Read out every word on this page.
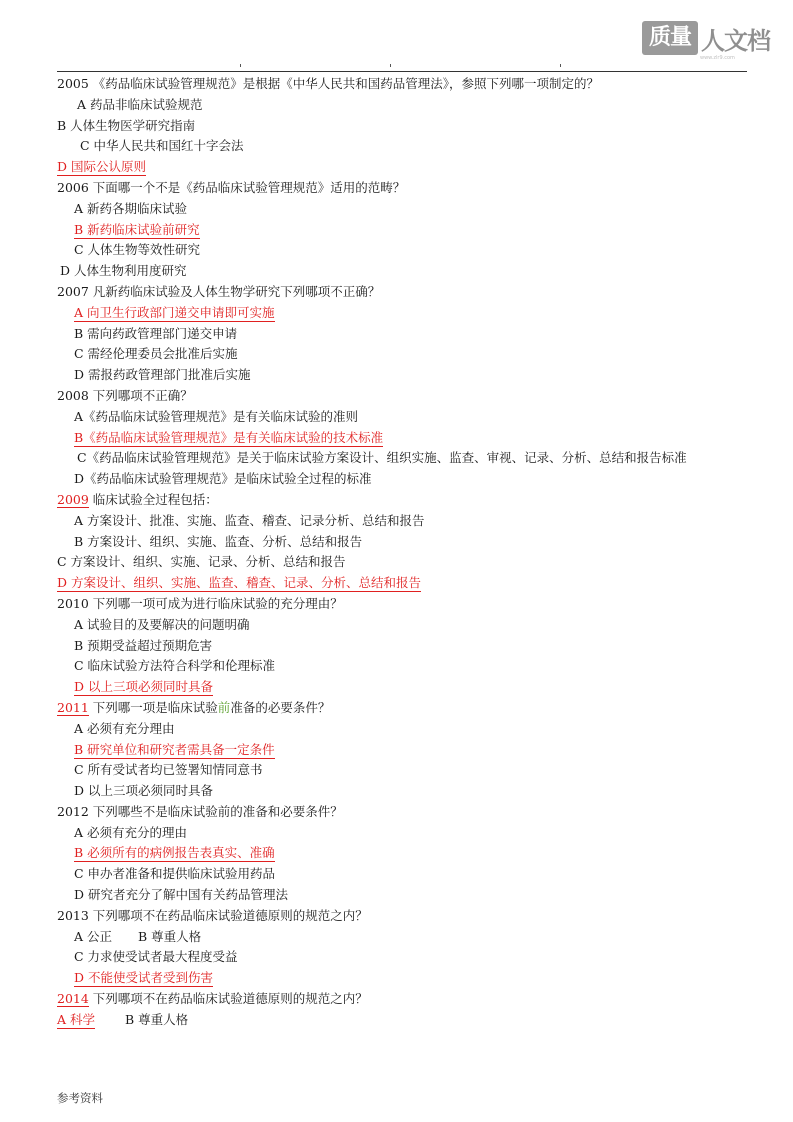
质量 人文档
www.zlr9.com
2005 《药品临床试验管理规范》是根据《中华人民共和国药品管理法》，参照下列哪一项制定的？
A 药品非临床试验规范
B 人体生物医学研究指南
C 中华人民共和国红十字会法
D 国际公认原则
2006 下面哪一个不是《药品临床试验管理规范》适用的范畴？
A 新药各期临床试验
B 新药临床试验前研究
C 人体生物等效性研究
D 人体生物利用度研究
2007 凡新药临床试验及人体生物学研究下列哪项不正确？
A 向卫生行政部门递交申请即可实施
B 需向药政管理部门递交申请
C 需经伦理委员会批准后实施
D 需报药政管理部门批准后实施
2008 下列哪项不正确？
A《药品临床试验管理规范》是有关临床试验的准则
B《药品临床试验管理规范》是有关临床试验的技术标准
C《药品临床试验管理规范》是关于临床试验方案设计、组织实施、监查、审视、记录、分析、总结和报告标准
D《药品临床试验管理规范》是临床试验全过程的标准
2009 临床试验全过程包括：
A 方案设计、批准、实施、监查、稽查、记录分析、总结和报告
B 方案设计、组织、实施、监查、分析、总结和报告
C 方案设计、组织、实施、记录、分析、总结和报告
D 方案设计、组织、实施、监查、稽查、记录、分析、总结和报告
2010 下列哪一项可成为进行临床试验的充分理由？
A 试验目的及要解决的问题明确
B 预期受益超过预期危害
C 临床试验方法符合科学和伦理标准
D 以上三项必须同时具备
2011 下列哪一项是临床试验前准备的必要条件？
A 必须有充分理由
B 研究单位和研究者需具备一定条件
C 所有受试者均已签署知情同意书
D 以上三项必须同时具备
2012 下列哪些不是临床试验前的准备和必要条件？
A 必须有充分的理由
B 必须所有的病例报告表真实、准确
C 申办者准备和提供临床试验用药品
D 研究者充分了解中国有关药品管理法
2013 下列哪项不在药品临床试验道德原则的规范之内？
A 公正 B 尊重人格
C 力求使受试者最大程度受益
D 不能使受试者受到伤害
2014 下列哪项不在药品临床试验道德原则的规范之内？
A 科学 B 尊重人格
参考资料
